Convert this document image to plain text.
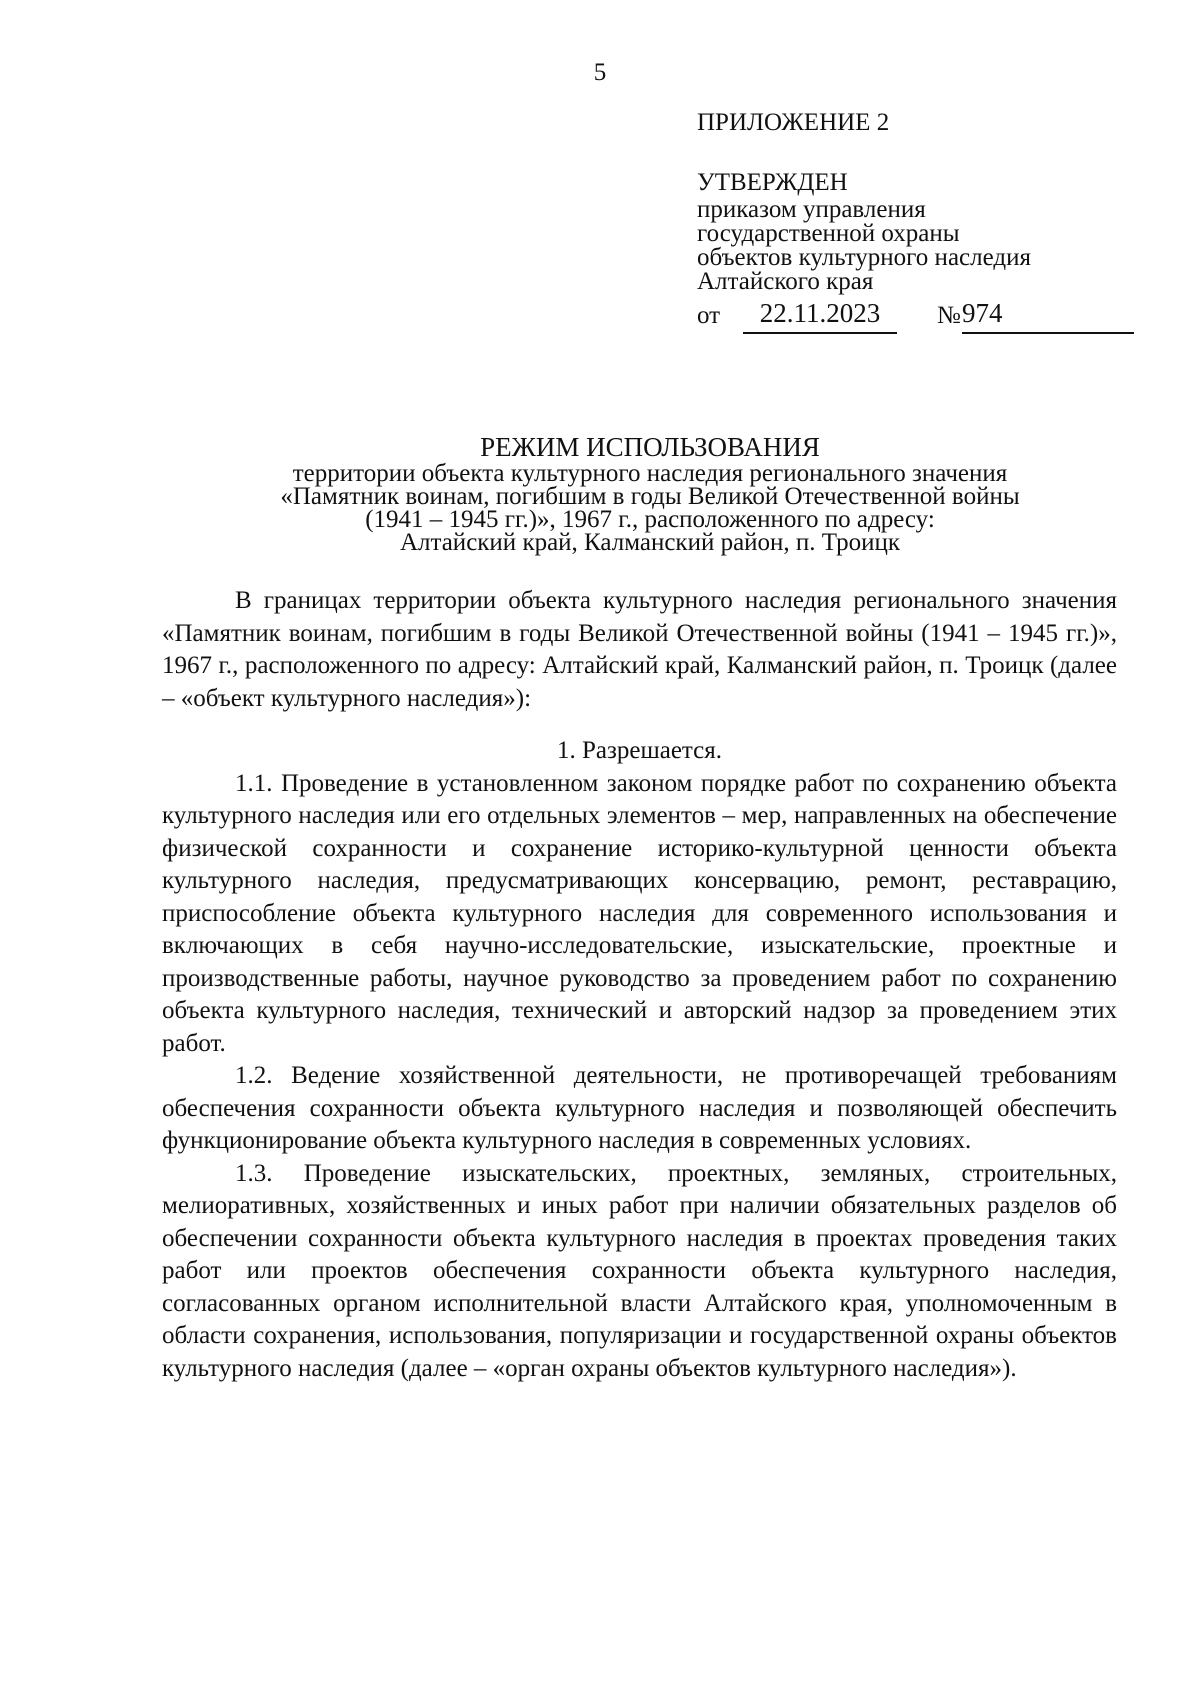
5

ПРИЛОЖЕНИЕ 2

УТВЕРЖДЕН

приказом управления

государственной охраны

объектов культурного наследия

Алтайского края

от	22.11.2023	№ 974
РЕЖИМ ИСПОЛЬЗОВАНИЯ
территории объекта культурного наследия регионального значения
«Памятник воинам, погибшим в годы Великой Отечественной войны
(1941 – 1945 гг.)», 1967 г., расположенного по адресу:
Алтайский край, Калманский район, п. Троицк

В границах территории объекта культурного наследия регионального значения «Памятник воинам, погибшим в годы Великой Отечественной войны (1941 – 1945 гг.)», 1967 г., расположенного по адресу: Алтайский край, Калманский район, п. Троицк (далее – «объект культурного наследия»):

1. Разрешается.

1.1. Проведение в установленном законом порядке работ по сохранению объекта культурного наследия или его отдельных элементов – мер, направленных на обеспечение физической сохранности и сохранение историко-культурной ценности объекта культурного наследия, предусматривающих консервацию, ремонт, реставрацию, приспособление объекта культурного наследия для современного использования и включающих в себя научно-исследовательские, изыскательские, проектные и производственные работы, научное руководство за проведением работ по сохранению объекта культурного наследия, технический и авторский надзор за проведением этих работ.

1.2. Ведение хозяйственной деятельности, не противоречащей требованиям обеспечения сохранности объекта культурного наследия и позволяющей обеспечить функционирование объекта культурного наследия в современных условиях.

1.3. Проведение изыскательских, проектных, земляных, строительных, мелиоративных, хозяйственных и иных работ при наличии обязательных разделов об обеспечении сохранности объекта культурного наследия в проектах проведения таких работ или проектов обеспечения сохранности объекта культурного наследия, согласованных органом исполнительной власти Алтайского края, уполномоченным в области сохранения, использования, популяризации и государственной охраны объектов культурного наследия (далее – «орган охраны объектов культурного наследия»).
